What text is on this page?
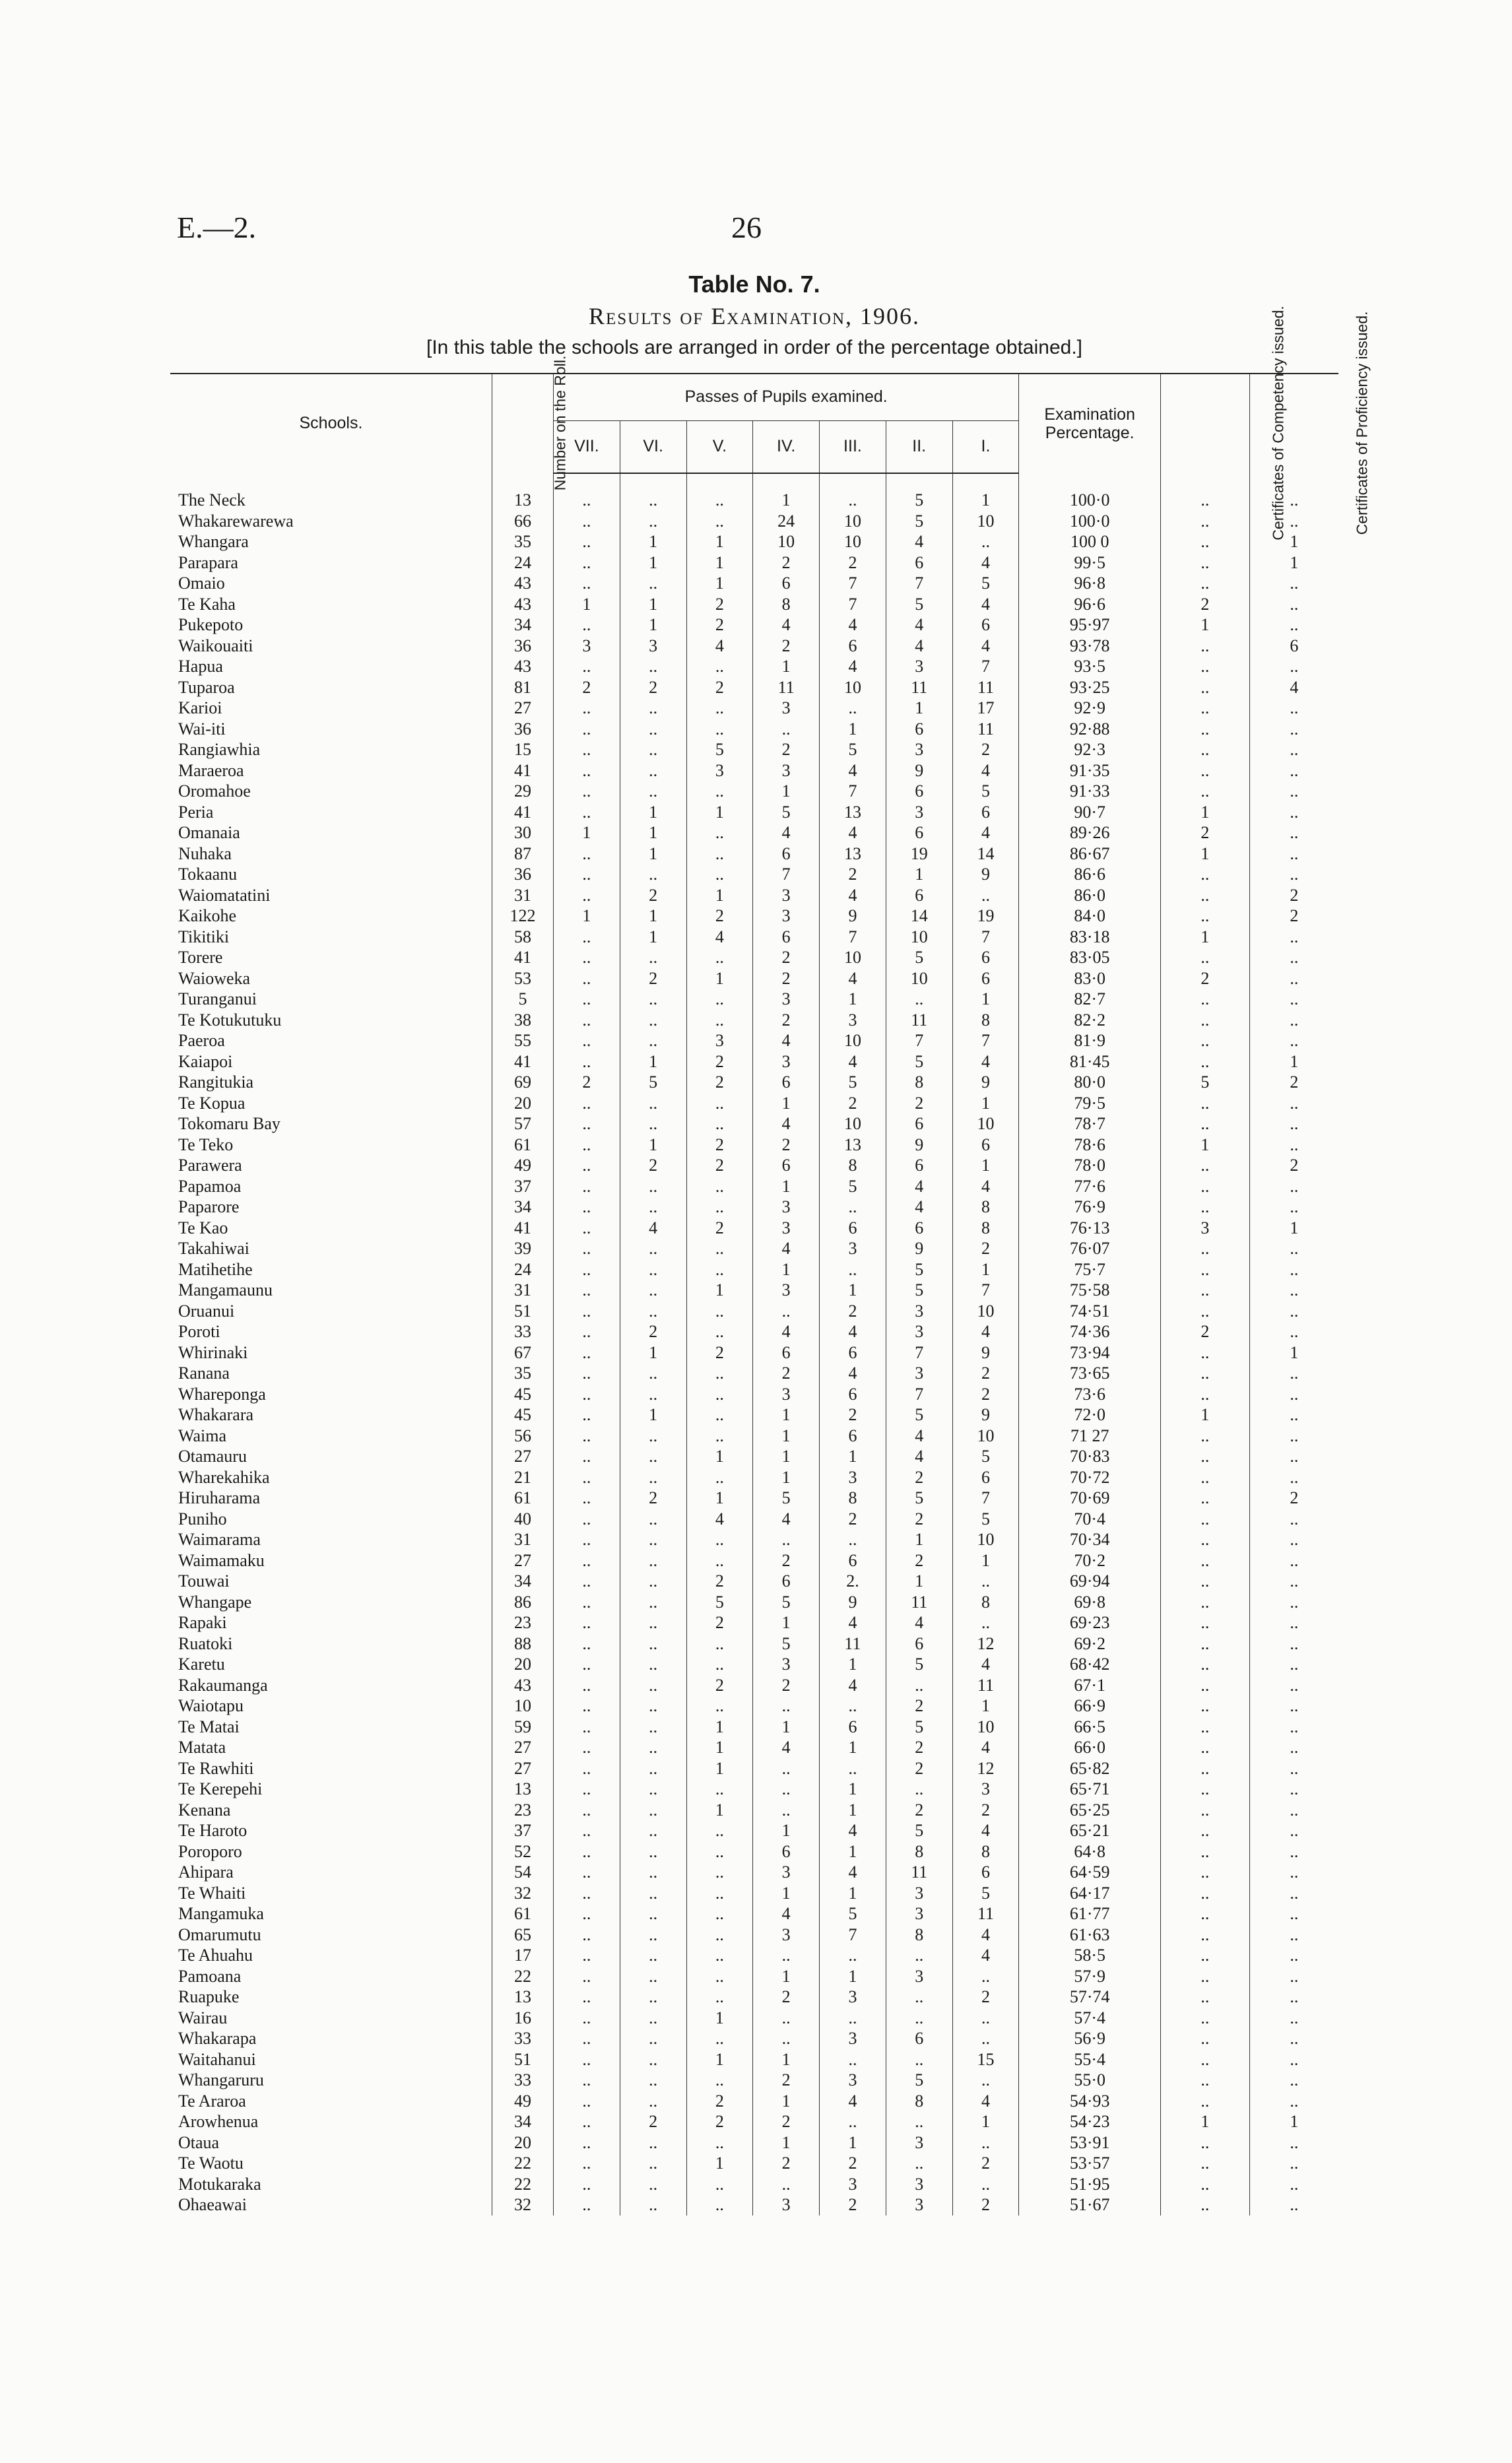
E.—2.	26
Table No. 7.
Results of Examination, 1906.
[In this table the schools are arranged in order of the percentage obtained.]
Schools.	Number on the Roll.	Passes of Pupils examined.							Examination Percentage.	Certificates of Competency issued.	Certificates of Proficiency issued.
		VII.	VI.	V.	IV.	III.	II.	I.			
The Neck	13	..	..	..	1	..	5	1	100·0	..	..
Whakarewarewa	66	..	..	..	24	10	5	10	100·0	..	..
Whangara	35	..	1	1	10	10	4	..	100 0	..	1
Parapara	24	..	1	1	2	2	6	4	99·5	..	1
Omaio	43	..	..	1	6	7	7	5	96·8	..	..
Te Kaha	43	1	1	2	8	7	5	4	96·6	2	..
Pukepoto	34	..	1	2	4	4	4	6	95·97	1	..
Waikouaiti	36	3	3	4	2	6	4	4	93·78	..	6
Hapua	43	..	..	..	1	4	3	7	93·5	..	..
Tuparoa	81	2	2	2	11	10	11	11	93·25	..	4
Karioi	27	..	..	..	3	..	1	17	92·9	..	..
Wai-iti	36	..	..	..	..	1	6	11	92·88	..	..
Rangiawhia	15	..	..	5	2	5	3	2	92·3	..	..
Maraeroa	41	..	..	3	3	4	9	4	91·35	..	..
Oromahoe	29	..	..	..	1	7	6	5	91·33	..	..
Peria	41	..	1	1	5	13	3	6	90·7	1	..
Omanaia	30	1	1	..	4	4	6	4	89·26	2	..
Nuhaka	87	..	1	..	6	13	19	14	86·67	1	..
Tokaanu	36	..	..	..	7	2	1	9	86·6	..	..
Waiomatatini	31	..	2	1	3	4	6	..	86·0	..	2
Kaikohe	122	1	1	2	3	9	14	19	84·0	..	2
Tikitiki	58	..	1	4	6	7	10	7	83·18	1	..
Torere	41	..	..	..	2	10	5	6	83·05	..	..
Waioweka	53	..	2	1	2	4	10	6	83·0	2	..
Turanganui	5	..	..	..	3	1	..	1	82·7	..	..
Te Kotukutuku	38	..	..	..	2	3	11	8	82·2	..	..
Paeroa	55	..	..	3	4	10	7	7	81·9	..	..
Kaiapoi	41	..	1	2	3	4	5	4	81·45	..	1
Rangitukia	69	2	5	2	6	5	8	9	80·0	5	2
Te Kopua	20	..	..	..	1	2	2	1	79·5	..	..
Tokomaru Bay	57	..	..	..	4	10	6	10	78·7	..	..
Te Teko	61	..	1	2	2	13	9	6	78·6	1	..
Parawera	49	..	2	2	6	8	6	1	78·0	..	2
Papamoa	37	..	..	..	1	5	4	4	77·6	..	..
Paparore	34	..	..	..	3	..	4	8	76·9	..	..
Te Kao	41	..	4	2	3	6	6	8	76·13	3	1
Takahiwai	39	..	..	..	4	3	9	2	76·07	..	..
Matihetihe	24	..	..	..	1	..	5	1	75·7	..	..
Mangamaunu	31	..	..	1	3	1	5	7	75·58	..	..
Oruanui	51	..	..	..	..	2	3	10	74·51	..	..
Poroti	33	..	2	..	4	4	3	4	74·36	2	..
Whirinaki	67	..	1	2	6	6	7	9	73·94	..	1
Ranana	35	..	..	..	2	4	3	2	73·65	..	..
Whareponga	45	..	..	..	3	6	7	2	73·6	..	..
Whakarara	45	..	1	..	1	2	5	9	72·0	1	..
Waima	56	..	..	..	1	6	4	10	71 27	..	..
Otamauru	27	..	..	1	1	1	4	5	70·83	..	..
Wharekahika	21	..	..	..	1	3	2	6	70·72	..	..
Hiruharama	61	..	2	1	5	8	5	7	70·69	..	2
Puniho	40	..	..	4	4	2	2	5	70·4	..	..
Waimarama	31	..	..	..	..	..	1	10	70·34	..	..
Waimamaku	27	..	..	..	2	6	2	1	70·2	..	..
Touwai	34	..	..	2	6	2.	1	..	69·94	..	..
Whangape	86	..	..	5	5	9	11	8	69·8	..	..
Rapaki	23	..	..	2	1	4	4	..	69·23	..	..
Ruatoki	88	..	..	..	5	11	6	12	69·2	..	..
Karetu	20	..	..	..	3	1	5	4	68·42	..	..
Rakaumanga	43	..	..	2	2	4	..	11	67·1	..	..
Waiotapu	10	..	..	..	..	..	2	1	66·9	..	..
Te Matai	59	..	..	1	1	6	5	10	66·5	..	..
Matata	27	..	..	1	4	1	2	4	66·0	..	..
Te Rawhiti	27	..	..	1	..	..	2	12	65·82	..	..
Te Kerepehi	13	..	..	..	..	1	..	3	65·71	..	..
Kenana	23	..	..	1	..	1	2	2	65·25	..	..
Te Haroto	37	..	..	..	1	4	5	4	65·21	..	..
Poroporo	52	..	..	..	6	1	8	8	64·8	..	..
Ahipara	54	..	..	..	3	4	11	6	64·59	..	..
Te Whaiti	32	..	..	..	1	1	3	5	64·17	..	..
Mangamuka	61	..	..	..	4	5	3	11	61·77	..	..
Omarumutu	65	..	..	..	3	7	8	4	61·63	..	..
Te Ahuahu	17	..	..	..	..	..	..	4	58·5	..	..
Pamoana	22	..	..	..	1	1	3	..	57·9	..	..
Ruapuke	13	..	..	..	2	3	..	2	57·74	..	..
Wairau	16	..	..	1	..	..	..	..	57·4	..	..
Whakarapa	33	..	..	..	..	3	6	..	56·9	..	..
Waitahanui	51	..	..	1	1	..	..	15	55·4	..	..
Whangaruru	33	..	..	..	2	3	5	..	55·0	..	..
Te Araroa	49	..	..	2	1	4	8	4	54·93	..	..
Arowhenua	34	..	2	2	2	..	..	1	54·23	1	1
Otaua	20	..	..	..	1	1	3	..	53·91	..	..
Te Waotu	22	..	..	1	2	2	..	2	53·57	..	..
Motukaraka	22	..	..	..	..	3	3	..	51·95	..	..
Ohaeawai	32	..	..	..	3	2	3	2	51·67	..	..
